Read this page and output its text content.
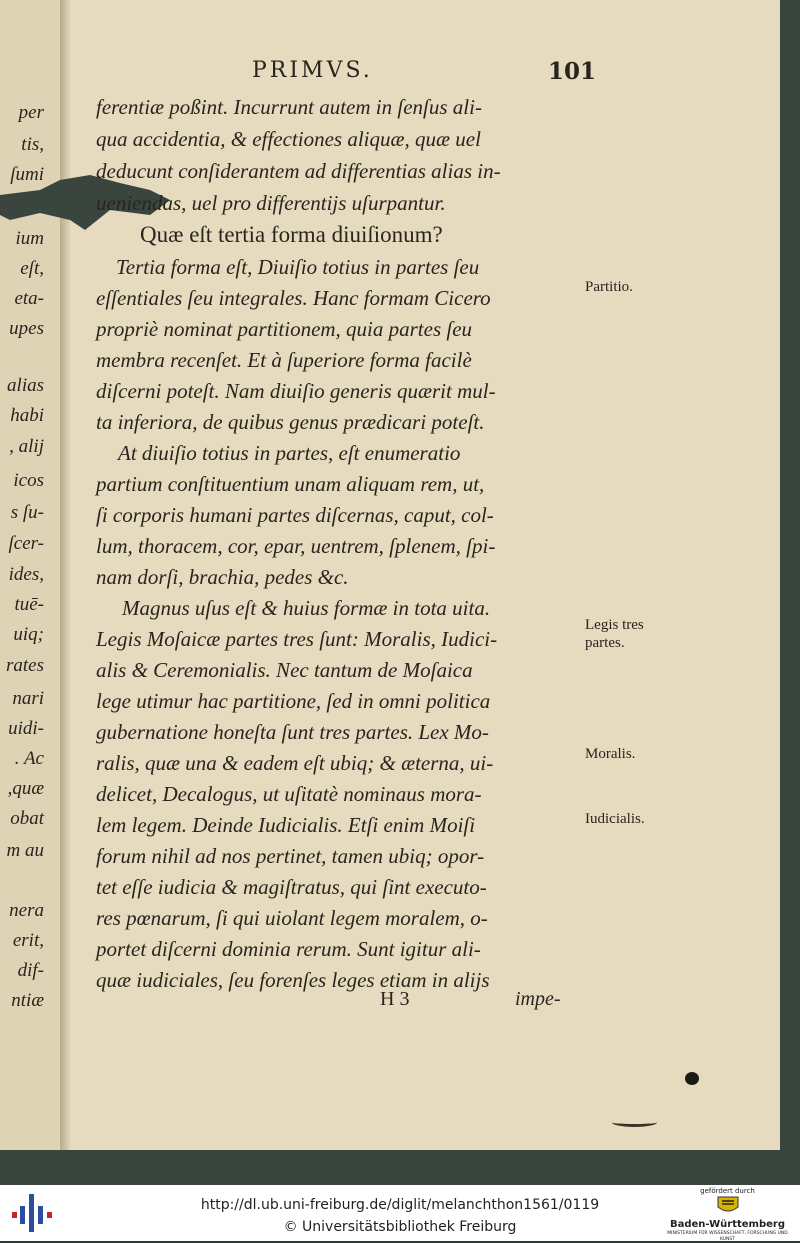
PRIMVS.	101
ferentiæ poßint. Incurrunt autem in ſenſus ali-
qua accidentia, & effectiones aliquæ, quæ uel
deducunt conſiderantem ad differentias alias in-
ueniendas, uel pro differentijs uſurpantur.
Quæ eſt tertia forma diuiſionum?
Tertia forma eſt, Diuiſio totius in partes ſeu
eſſentiales ſeu integrales. Hanc formam Cicero
propriè nominat partitionem, quia partes ſeu
membra recenſet. Et à ſuperiore forma facilè
diſcerni poteſt. Nam diuiſio generis quærit mul-
ta inferiora, de quibus genus prædicari poteſt.
At diuiſio totius in partes, eſt enumeratio
partium conſtituentium unam aliquam rem, ut,
ſi corporis humani partes diſcernas, caput, col-
lum, thoracem, cor, epar, uentrem, ſplenem, ſpi-
nam dorſi, brachia, pedes &c.
Magnus uſus eſt & huius formæ in tota uita.
Legis Moſaicæ partes tres ſunt: Moralis, Iudici-
alis & Ceremonialis. Nec tantum de Moſaica
lege utimur hac partitione, ſed in omni politica
gubernatione honeſta ſunt tres partes. Lex Mo-
ralis, quæ una & eadem eſt ubiq; & æterna, ui-
delicet, Decalogus, ut uſitatè nominaus mora-
lem legem. Deinde Iudicialis. Etſi enim Moiſi
forum nihil ad nos pertinet, tamen ubiq; opor-
tet eſſe iudicia & magiſtratus, qui ſint executo-
res pœnarum, ſi qui uiolant legem moralem, o-
portet diſcerni dominia rerum. Sunt igitur ali-
quæ iudiciales, ſeu forenſes leges etiam in alijs
H 3	impe-
Partitio.
Legis tres partes.
Moralis.
Iudicialis.
per
tis,
ſumi
ium
eſt,
eta-
upes
alias
habi
, alij
icos
s ſu-
ſcer-
ides,
tuē-
uiq;
rates
nari
uidi-
. Ac
,quæ
obat
m au
nera
erit,
dif-
ntiæ
http://dl.ub.uni-freiburg.de/diglit/melanchthon1561/0119
© Universitätsbibliothek Freiburg
gefördert durch
Baden-Württemberg
MINISTERIUM FÜR WISSENSCHAFT, FORSCHUNG UND KUNST
